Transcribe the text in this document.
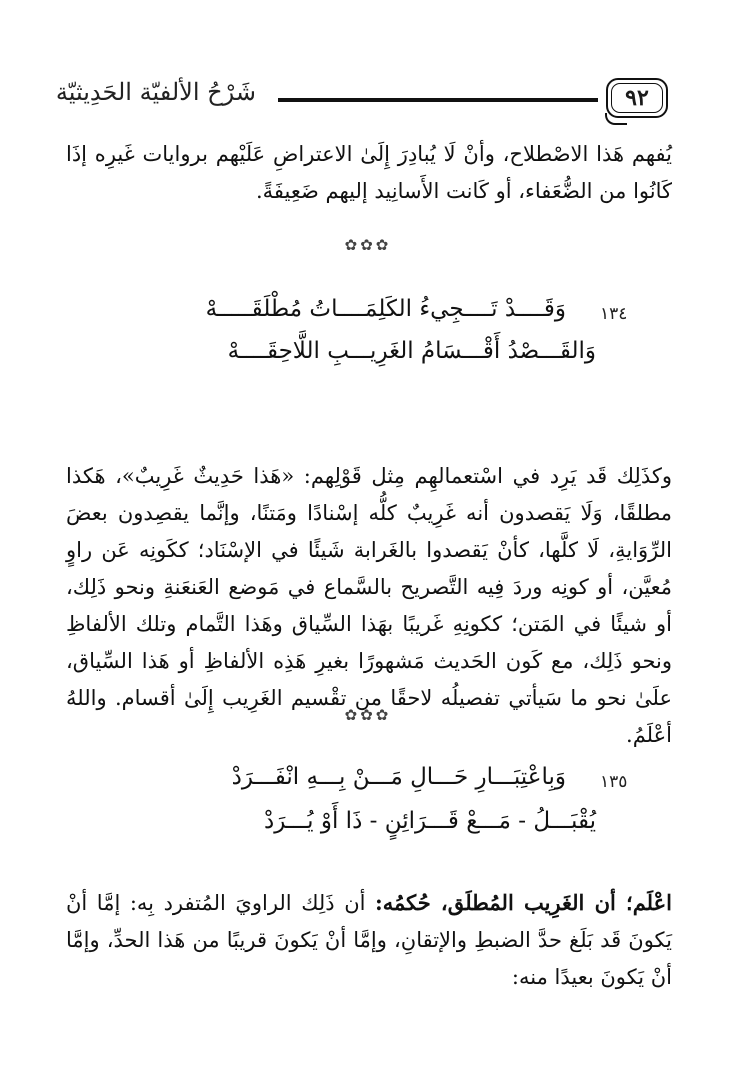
شَرْحُ الألفيّة الحَدِيثيّة	٩٢
يُفهم هَذا الاصْطلاح، وأنْ لَا يُبادِرَ إِلَىٰ الاعتراضِ عَلَيْهم بروايات غَيرِه إذَا كَانُوا من الضُّعَفاء، أو كَانت الأَسانِيد إليهم ضَعِيفَةً.
✿✿✿
١٣٤
وَقَــــدْ تَــــجِيءُ الكَلِمَــــاتُ مُطْلَقَـــــهْ
وَالقَـــصْدُ أَقْـــسَامُ الغَرِيـــبِ اللَّاحِقَــــهْ
وكذَلِك قَد يَرِد في اسْتعمالهِم مِثل قَوْلِهم: «هَذا حَدِيثٌ غَرِيبٌ»، هَكذا مطلقًا، وَلَا يَقصدون أنه غَرِيبٌ كلُّه إسْنادًا ومَتنًا، وإنَّما يقصِدون بعضَ الرِّوَايةِ، لَا كلَّها، كأنْ يَقصدوا بالغَرابة شَيئًا في الإسْنَاد؛ ككَونِه عَن راوٍ مُعيَّن، أو كونِه وردَ فِيه التَّصريح بالسَّماع في مَوضع العَنعَنةِ ونحو ذَلِك، أو شيئًا في المَتن؛ ككونِهِ غَريبًا بهَذا السِّياق وهَذا التَّمام وتلك الألفاظِ ونحو ذَلِك، مع كَون الحَديث مَشهورًا بغيرِ هَذِه الألفاظِ أو هَذا السِّياق، علَىٰ نحو ما سَيأتي تفصيلُه لاحقًا من تقْسيم الغَرِيب إِلَىٰ أقسام. واللهُ أعْلَمُ.
✿✿✿
١٣٥
وَبِاعْتِبَـــارِ حَـــالِ مَـــنْ بِـــهِ انْفَـــرَدْ
يُقْبَـــلُ - مَـــعْ قَـــرَائِنٍ - ذَا أَوْ يُـــرَدْ
اعْلَم؛ أن الغَرِيب المُطلَق، حُكمُه: أن ذَلِك الراويَ المُتفرد بِه: إمَّا أنْ يَكونَ قَد بَلَغ حدَّ الضبطِ والإتقانِ، وإمَّا أنْ يَكونَ قريبًا من هَذا الحدِّ، وإمَّا أنْ يَكونَ بعيدًا منه:
